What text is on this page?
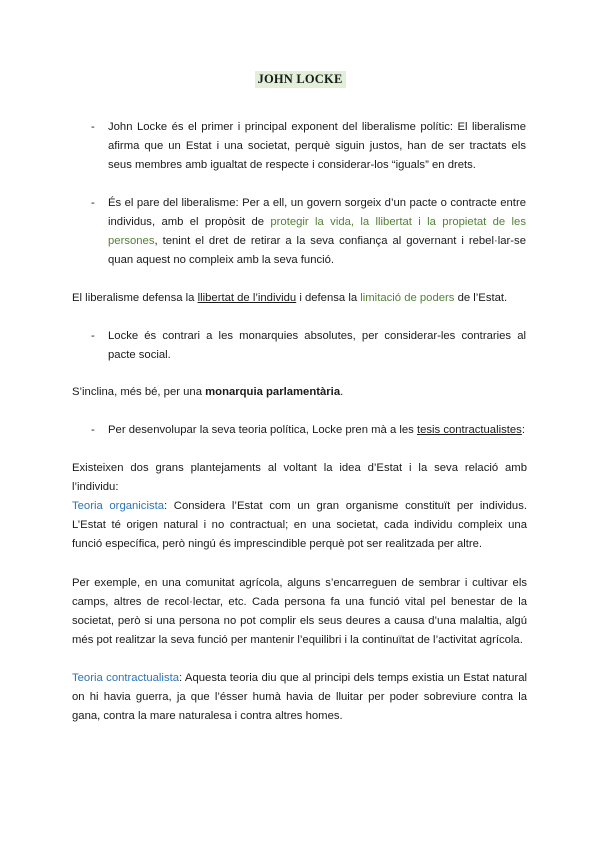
JOHN LOCKE
- John Locke és el primer i principal exponent del liberalisme polític: El liberalisme afirma que un Estat i una societat, perquè siguin justos, han de ser tractats els seus membres amb igualtat de respecte i considerar-los “iguals” en drets.
- És el pare del liberalisme: Per a ell, un govern sorgeix d’un pacte o contracte entre individus, amb el propòsit de protegir la vida, la llibertat i la propietat de les persones, tenint el dret de retirar a la seva confiança al governant i rebel·lar-se quan aquest no compleix amb la seva funció.
El liberalisme defensa la llibertat de l’individu i defensa la limitació de poders de l’Estat.
- Locke és contrari a les monarquies absolutes, per considerar-les contraries al pacte social.
S’inclina, més bé, per una monarquia parlamentària.
- Per desenvolupar la seva teoria política, Locke pren mà a les tesis contractualistes:
Existeixen dos grans plantejaments al voltant la idea d’Estat i la seva relació amb l’individu:
Teoria organicista: Considera l’Estat com un gran organisme constituït per individus. L’Estat té origen natural i no contractual; en una societat, cada individu compleix una funció específica, però ningú és imprescindible perquè pot ser realitzada per altre.
Per exemple, en una comunitat agrícola, alguns s’encarreguen de sembrar i cultivar els camps, altres de recol·lectar, etc. Cada persona fa una funció vital pel benestar de la societat, però si una persona no pot complir els seus deures a causa d’una malaltia, algú més pot realitzar la seva funció per mantenir l’equilibri i la continuïtat de l’activitat agrícola.
Teoria contractualista: Aquesta teoria diu que al principi dels temps existia un Estat natural on hi havia guerra, ja que l’ésser humà havia de lluitar per poder sobreviure contra la gana, contra la mare naturalesa i contra altres homes.
